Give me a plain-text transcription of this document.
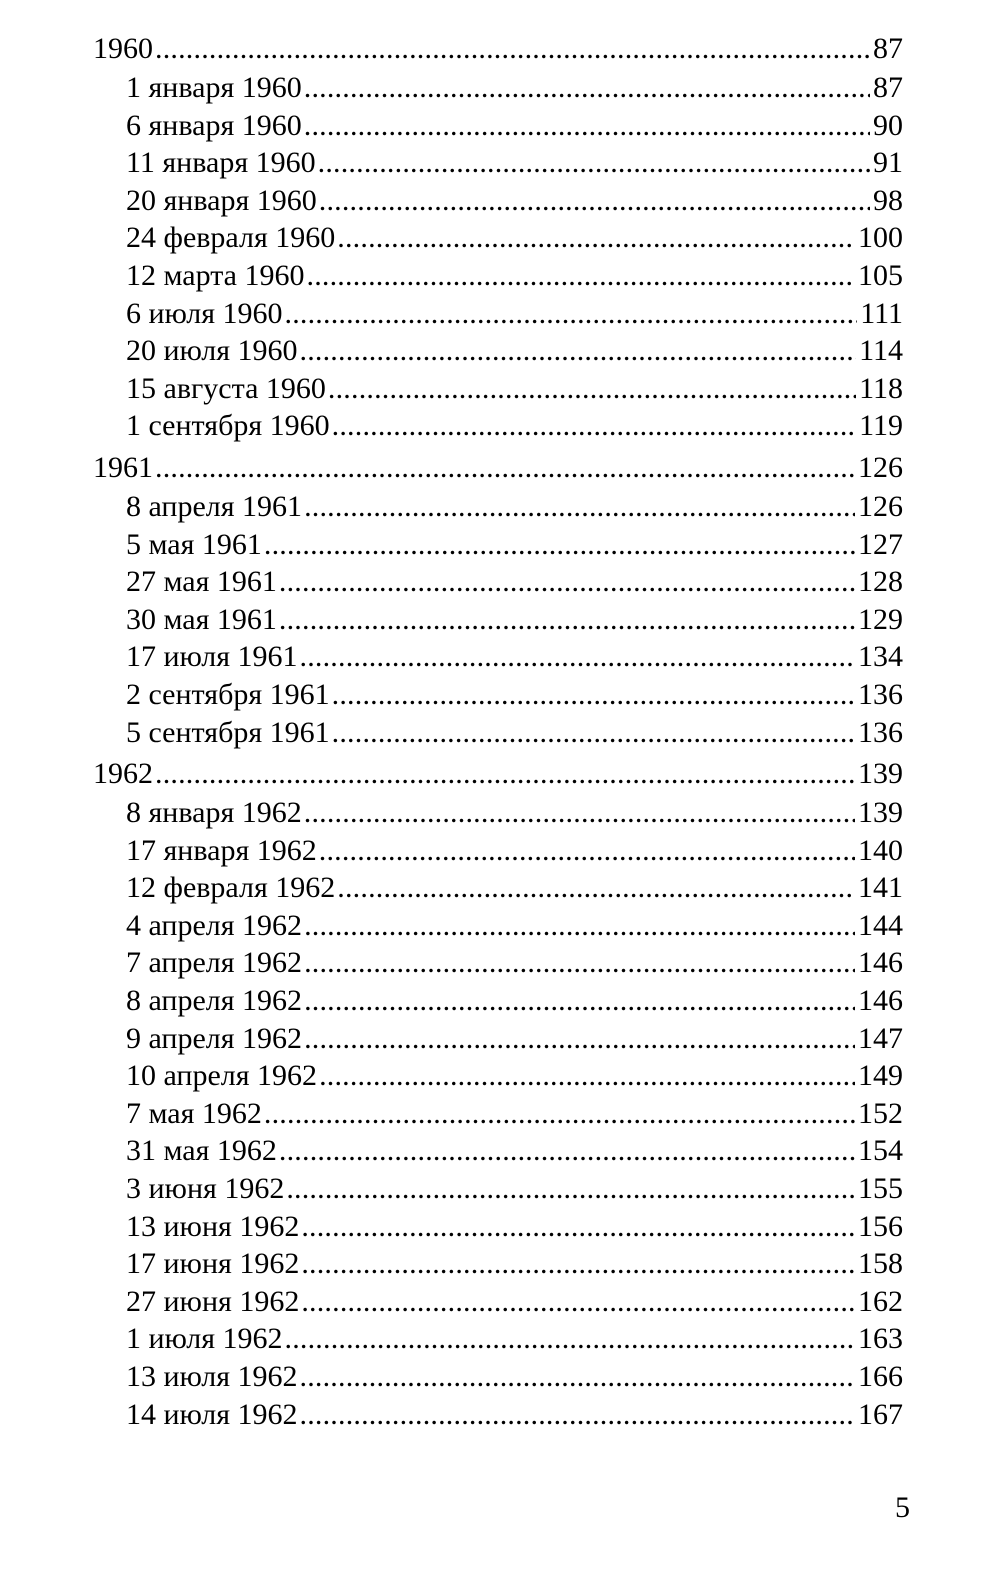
1960 .....	87
1 января 1960 .....	87
6 января 1960 .....	90
11 января 1960 .....	91
20 января 1960 .....	98
24 февраля 1960 .....	100
12 марта 1960 .....	105
6 июля 1960 .....	111
20 июля 1960 .....	114
15 августа 1960 .....	118
1 сентября 1960 .....	119
1961 .....	126
8 апреля 1961 .....	126
5 мая 1961 .....	127
27 мая 1961 .....	128
30 мая 1961 .....	129
17 июля 1961 .....	134
2 сентября 1961 .....	136
5 сентября 1961 .....	136
1962 .....	139
8 января 1962 .....	139
17 января 1962 .....	140
12 февраля 1962 .....	141
4 апреля 1962 .....	144
7 апреля 1962 .....	146
8 апреля 1962 .....	146
9 апреля 1962 .....	147
10 апреля 1962 .....	149
7 мая 1962 .....	152
31 мая 1962 .....	154
3 июня 1962 .....	155
13 июня 1962 .....	156
17 июня 1962 .....	158
27 июня 1962 .....	162
1 июля 1962 .....	163
13 июля 1962 .....	166
14 июля 1962 .....	167
5
